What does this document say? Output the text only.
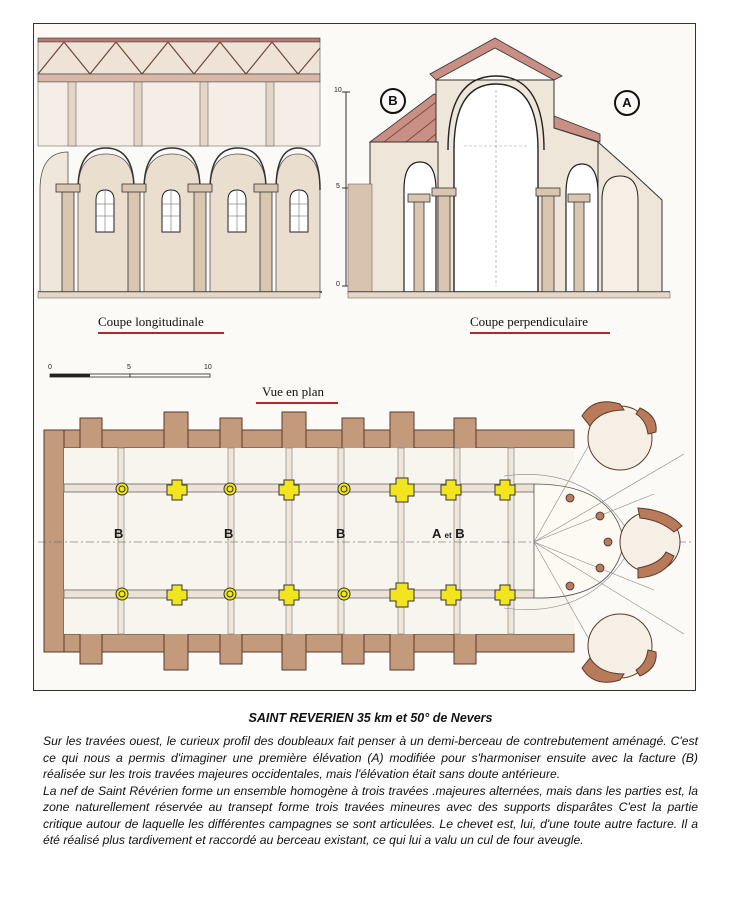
B	A
10
5
0
Coupe longitudinale	Coupe perpendiculaire
0	5	10
Vue en plan
B	B	B	A et B
SAINT REVERIEN 35 km et 50° de Nevers

Sur les travées ouest, le curieux profil des doubleaux fait penser à un demi-berceau de contrebutement aménagé. C'est ce qui nous a permis d'imaginer une première élévation (A) modifiée pour s'harmoniser ensuite avec la facture (B) réalisée sur les trois travées majeures occidentales, mais l'élévation était sans doute antérieure.

La nef de Saint Révérien forme un ensemble homogène à trois travées .majeures alternées, mais dans les parties est, la zone naturellement réservée au transept forme trois travées mineures avec des supports disparâtes C'est la partie critique autour de laquelle les différentes campagnes se sont articulées. Le chevet est, lui, d'une toute autre facture. Il a été réalisé plus tardivement et raccordé au berceau existant, ce qui lui a valu un cul de four aveugle.
